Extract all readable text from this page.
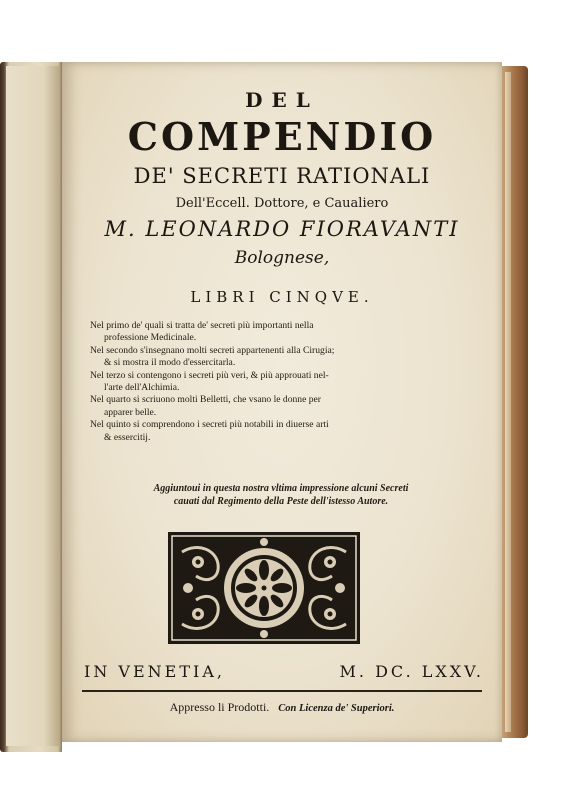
DEL
COMPENDIO
DE' SECRETI RATIONALI
Dell'Eccell. Dottore, e Caualiero
M. LEONARDO FIORAVANTI
Bolognese,
LIBRI CINQVE.

Nel primo de' quali si tratta de' secreti più importanti nella
professione Medicinale.

Nel secondo s'insegnano molti secreti appartenenti alla Cirugia;
& si mostra il modo d'essercitarla.

Nel terzo si contengono i secreti più veri, & più approuati nel-
l'arte dell'Alchimia.

Nel quarto si scriuono molti Belletti, che vsano le donne per
apparer belle.

Nel quinto si comprendono i secreti più notabili in diuerse arti
& essercitij.

Aggiuntoui in questa nostra vltima impressione alcuni Secreti
cauati dal Regimento della Peste dell'istesso Autore.
IN VENETIA,	M. DC. LXXV.
Appresso li Prodotti. Con Licenza de' Superiori.
